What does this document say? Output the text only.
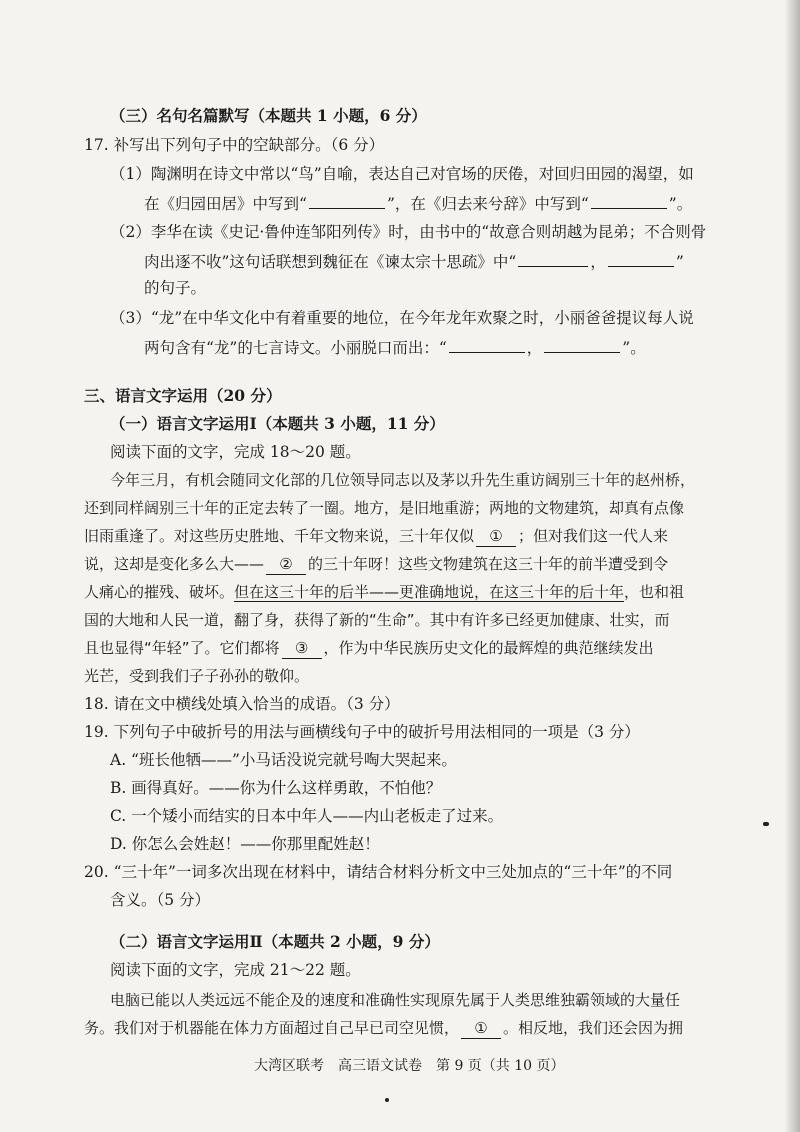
（三）名句名篇默写（本题共 1 小题，6 分）
17. 补写出下列句子中的空缺部分。（6 分）
（1）陶渊明在诗文中常以“鸟”自喻，表达自己对官场的厌倦，对回归田园的渴望，如
在《归园田居》中写到“	”，在《归去来兮辞》中写到“	”。
（2）李华在读《史记·鲁仲连邹阳列传》时，由书中的“故意合则胡越为昆弟；不合则骨
肉出逐不收”这句话联想到魏征在《谏太宗十思疏》中“	，	”
的句子。
（3）“龙”在中华文化中有着重要的地位，在今年龙年欢聚之时，小丽爸爸提议每人说
两句含有“龙”的七言诗文。小丽脱口而出：“	，	”。
三、语言文字运用（20 分）
（一）语言文字运用Ⅰ（本题共 3 小题，11 分）
阅读下面的文字，完成 18～20 题。
今年三月，有机会随同文化部的几位领导同志以及茅以升先生重访阔别三十年的赵州桥，
还到同样阔别三十年的正定去转了一圈。地方，是旧地重游；两地的文物建筑，却真有点像
旧雨重逢了。对这些历史胜地、千年文物来说，三十年仅似 ① ；但对我们这一代人来
说，这却是变化多么大—— ② 的三十年呀！这些文物建筑在这三十年的前半遭受到令
人痛心的摧残、破坏。但在这三十年的后半——更准确地说，在这三十年的后十年，也和祖
国的大地和人民一道，翻了身，获得了新的“生命”。其中有许多已经更加健康、壮实，而
且也显得“年轻”了。它们都将 ③ ，作为中华民族历史文化的最辉煌的典范继续发出
光芒，受到我们子子孙孙的敬仰。
18. 请在文中横线处填入恰当的成语。（3 分）
19. 下列句子中破折号的用法与画横线句子中的破折号用法相同的一项是（3 分）
A. “班长他牺——”小马话没说完就号啕大哭起来。
B. 画得真好。——你为什么这样勇敢，不怕他？
C. 一个矮小而结实的日本中年人——内山老板走了过来。
D. 你怎么会姓赵！——你那里配姓赵！
20. “三十年”一词多次出现在材料中，请结合材料分析文中三处加点的“三十年”的不同
含义。（5 分）
（二）语言文字运用Ⅱ（本题共 2 小题，9 分）
阅读下面的文字，完成 21～22 题。
电脑已能以人类远远不能企及的速度和准确性实现原先属于人类思维独霸领域的大量任
务。我们对于机器能在体力方面超过自己早已司空见惯， ① 。相反地，我们还会因为拥
大湾区联考　高三语文试卷　第 9 页（共 10 页）
